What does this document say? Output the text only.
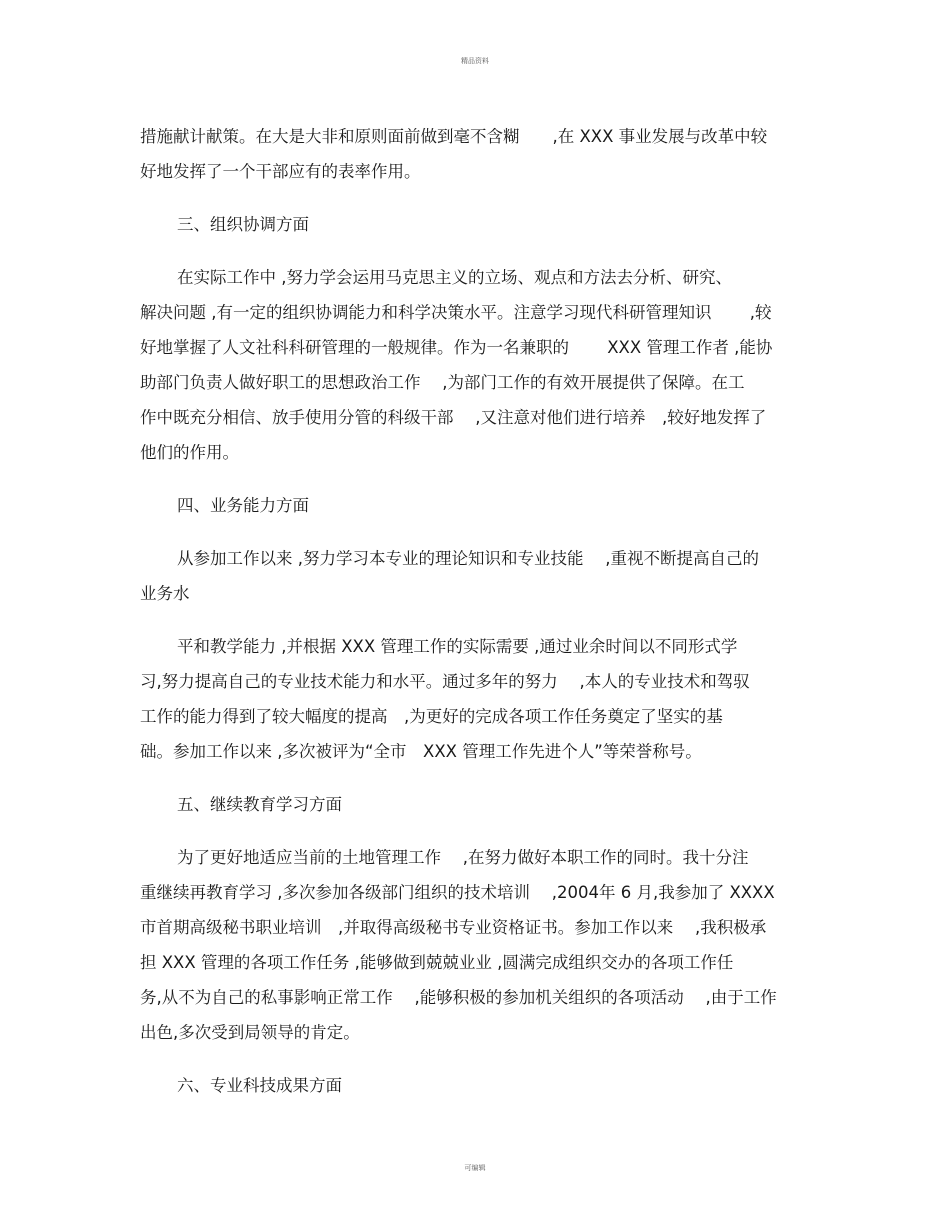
精品资料
措施献计献策。在大是大非和原则面前做到毫不含糊　　,在 XXX 事业发展与改革中较
好地发挥了一个干部应有的表率作用。
三、组织协调方面
在实际工作中 ,努力学会运用马克思主义的立场、观点和方法去分析、研究、
解决问题 ,有一定的组织协调能力和科学决策水平。注意学习现代科研管理知识　　 ,较
好地掌握了人文社科科研管理的一般规律。作为一名兼职的　　 XXX 管理工作者 ,能协
助部门负责人做好职工的思想政治工作　 ,为部门工作的有效开展提供了保障。在工
作中既充分相信、放手使用分管的科级干部　 ,又注意对他们进行培养　,较好地发挥了
他们的作用。
四、业务能力方面
从参加工作以来 ,努力学习本专业的理论知识和专业技能　 ,重视不断提高自己的
业务水
平和教学能力 ,并根据 XXX 管理工作的实际需要 ,通过业余时间以不同形式学
习,努力提高自己的专业技术能力和水平。通过多年的努力　 ,本人的专业技术和驾驭
工作的能力得到了较大幅度的提高　,为更好的完成各项工作任务奠定了坚实的基
础。参加工作以来 ,多次被评为“全市　XXX 管理工作先进个人”等荣誉称号。
五、继续教育学习方面
为了更好地适应当前的土地管理工作　 ,在努力做好本职工作的同时。我十分注
重继续再教育学习 ,多次参加各级部门组织的技术培训　 ,2004年 6 月,我参加了 XXXX
市首期高级秘书职业培训　,并取得高级秘书专业资格证书。参加工作以来　 ,我积极承
担 XXX 管理的各项工作任务 ,能够做到兢兢业业 ,圆满完成组织交办的各项工作任
务,从不为自己的私事影响正常工作　 ,能够积极的参加机关组织的各项活动　 ,由于工作
出色,多次受到局领导的肯定。
六、专业科技成果方面
可编辑
